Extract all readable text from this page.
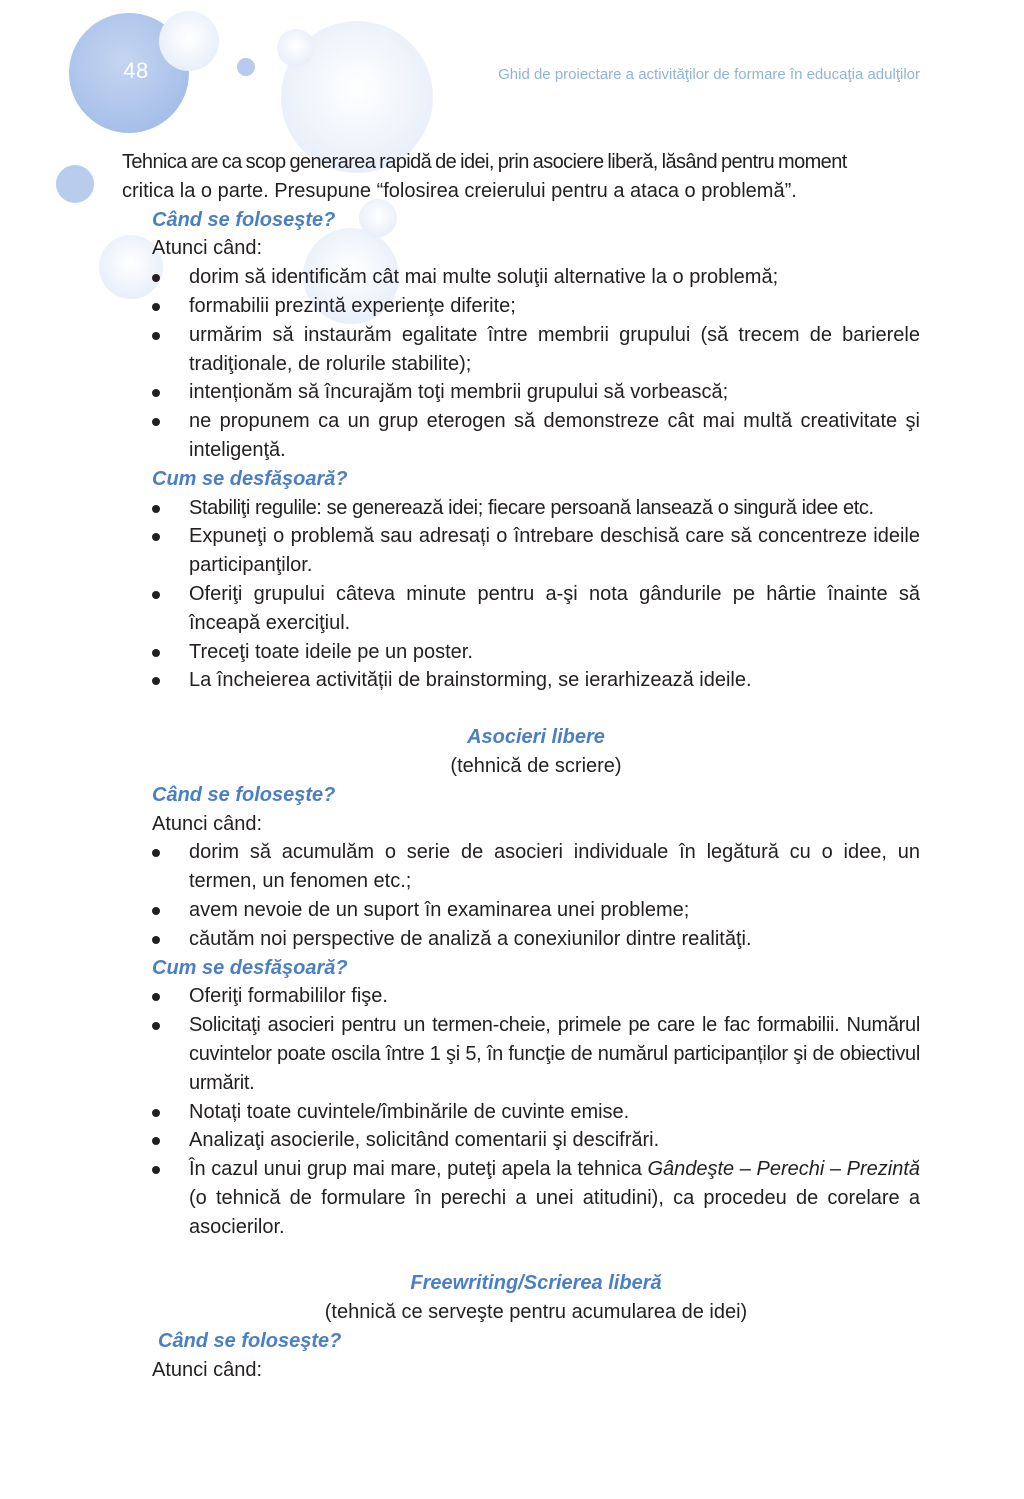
48	Ghid de proiectare a activităţilor de formare în educaţia adulţilor

Tehnica are ca scop generarea rapidă de idei, prin asociere liberă, lăsând pentru moment

critica la o parte. Presupune “folosirea creierului pentru a ataca o problemă”.

Când se foloseşte?

Atunci când:

dorim să identificăm cât mai multe soluţii alternative la o problemă;
formabilii prezintă experienţe diferite;
urmărim să instaurăm egalitate între membrii grupului (să trecem de barierele tradiţionale, de rolurile stabilite);
intenționăm să încurajăm toţi membrii grupului să vorbească;
ne propunem ca un grup eterogen să demonstreze cât mai multă creativitate şi inteligenţă.

Cum se desfăşoară?

Stabiliţi regulile: se generează idei; fiecare persoană lansează o singură idee etc.
Expuneţi o problemă sau adresați o întrebare deschisă care să concentreze ideile participanţilor.
Oferiţi grupului câteva minute pentru a-şi nota gândurile pe hârtie înainte să înceapă exerciţiul.
Treceţi toate ideile pe un poster.
La încheierea activității de brainstorming, se ierarhizează ideile.

Asocieri libere

(tehnică de scriere)

Când se foloseşte?

Atunci când:

dorim să acumulăm o serie de asocieri individuale în legătură cu o idee, un termen, un fenomen etc.;
avem nevoie de un suport în examinarea unei probleme;
căutăm noi perspective de analiză a conexiunilor dintre realităţi.

Cum se desfăşoară?

Oferiţi formabililor fişe.
Solicitaţi asocieri pentru un termen-cheie, primele pe care le fac formabilii. Numărul cuvintelor poate oscila între 1 şi 5, în funcţie de numărul participanților şi de obiectivul urmărit.
Notați toate cuvintele/îmbinările de cuvinte emise.
Analizaţi asocierile, solicitând comentarii şi descifrări.
În cazul unui grup mai mare, puteţi apela la tehnica Gândeşte – Perechi – Prezintă (o tehnică de formulare în perechi a unei atitudini), ca procedeu de corelare a asocierilor.

Freewriting/Scrierea liberă

(tehnică ce serveşte pentru acumularea de idei)

Când se foloseşte?

Atunci când:
